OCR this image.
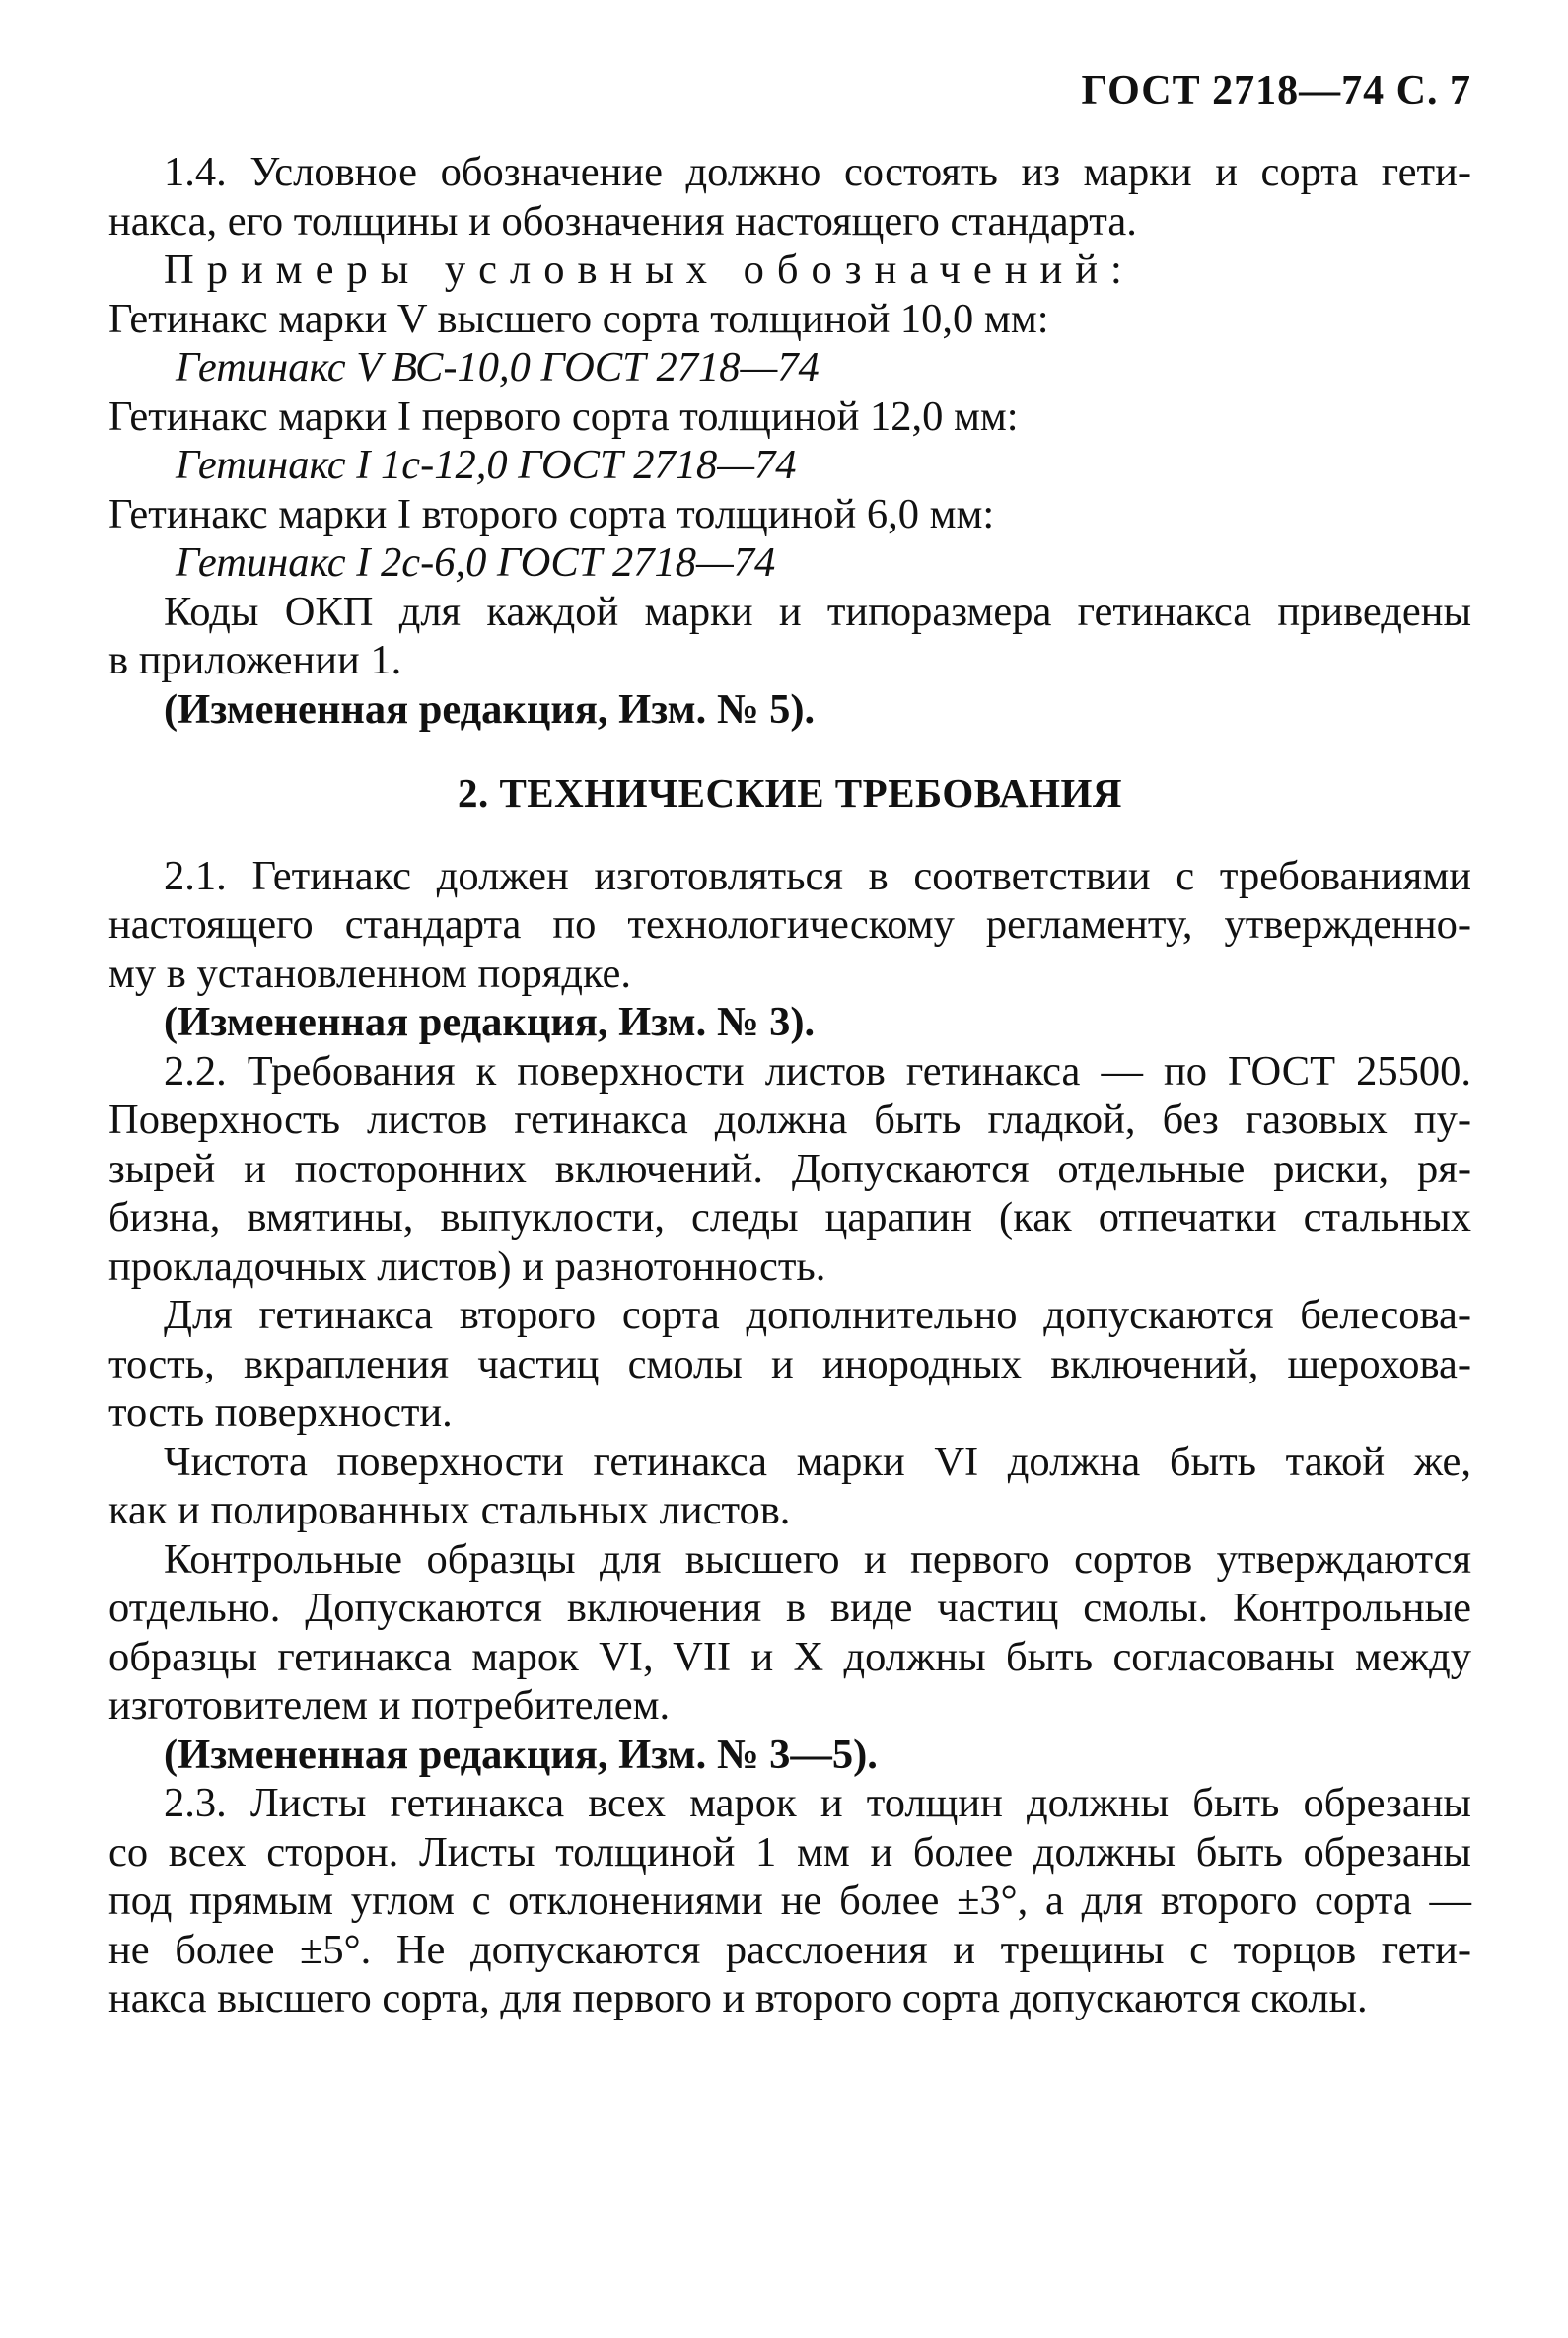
ГОСТ 2718—74 С. 7
1.4. Условное обозначение должно состоять из марки и сорта гети-
накса, его толщины и обозначения настоящего стандарта.
Примеры условных обозначений:
Гетинакс марки V высшего сорта толщиной 10,0 мм:
Гетинакс V ВС-10,0 ГОСТ 2718—74
Гетинакс марки I первого сорта толщиной 12,0 мм:
Гетинакс I 1с-12,0 ГОСТ 2718—74
Гетинакс марки I второго сорта толщиной 6,0 мм:
Гетинакс I 2с-6,0 ГОСТ 2718—74
Коды ОКП для каждой марки и типоразмера гетинакса приведены
в приложении 1.
(Измененная редакция, Изм. № 5).
2. ТЕХНИЧЕСКИЕ ТРЕБОВАНИЯ
2.1. Гетинакс должен изготовляться в соответствии с требованиями
настоящего стандарта по технологическому регламенту, утвержденно-
му в установленном порядке.
(Измененная редакция, Изм. № 3).
2.2. Требования к поверхности листов гетинакса — по ГОСТ 25500.
Поверхность листов гетинакса должна быть гладкой, без газовых пу-
зырей и посторонних включений. Допускаются отдельные риски, ря-
бизна, вмятины, выпуклости, следы царапин (как отпечатки стальных
прокладочных листов) и разнотонность.
Для гетинакса второго сорта дополнительно допускаются белесова-
тость, вкрапления частиц смолы и инородных включений, шерохова-
тость поверхности.
Чистота поверхности гетинакса марки VI должна быть такой же,
как и полированных стальных листов.
Контрольные образцы для высшего и первого сортов утверждаются
отдельно. Допускаются включения в виде частиц смолы. Контрольные
образцы гетинакса марок VI, VII и X должны быть согласованы между
изготовителем и потребителем.
(Измененная редакция, Изм. № 3—5).
2.3. Листы гетинакса всех марок и толщин должны быть обрезаны
со всех сторон. Листы толщиной 1 мм и более должны быть обрезаны
под прямым углом с отклонениями не более ±3°, а для второго сорта —
не более ±5°. Не допускаются расслоения и трещины с торцов гети-
накса высшего сорта, для первого и второго сорта допускаются сколы.
